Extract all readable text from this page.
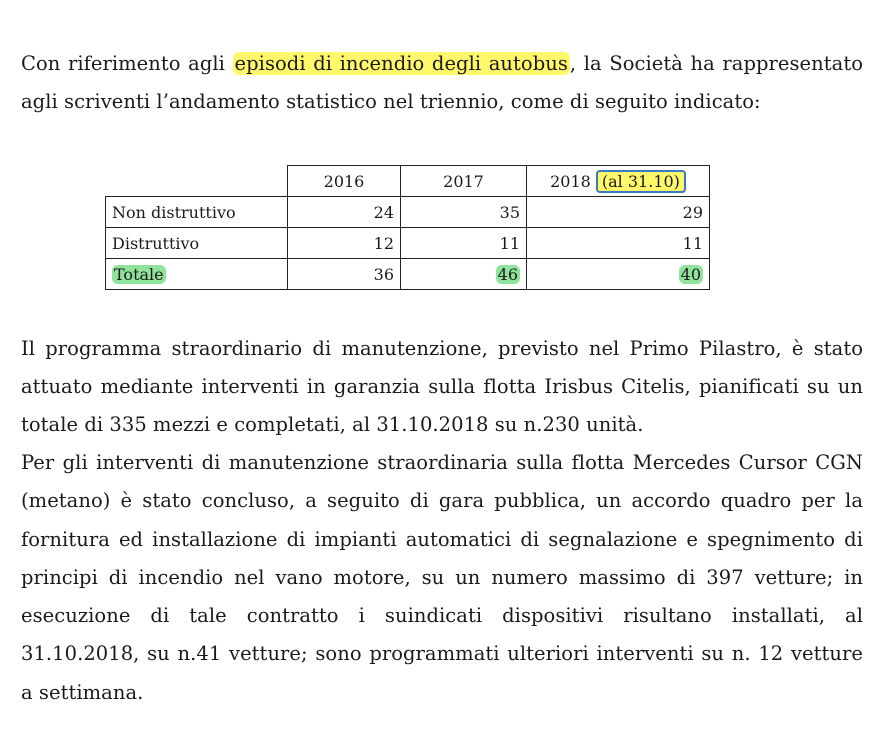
Con riferimento agli episodi di incendio degli autobus , la Società ha rappresentato agli scriventi l’andamento statistico nel triennio, come di seguito indicato:

	2016	2017	2018 (al 31.10)
Non distruttivo	24	35	29
Distruttivo	12	11	11
Totale	36	46	40

Il programma straordinario di manutenzione, previsto nel Primo Pilastro, è stato attuato mediante interventi in garanzia sulla flotta Irisbus Citelis, pianificati su un totale di 335 mezzi e completati, al 31.10.2018 su n.230 unità.

Per gli interventi di manutenzione straordinaria sulla flotta Mercedes Cursor CGN (metano) è stato concluso, a seguito di gara pubblica, un accordo quadro per la fornitura ed installazione di impianti automatici di segnalazione e spegnimento di principi di incendio nel vano motore, su un numero massimo di 397 vetture; in esecuzione di tale contratto i suindicati dispositivi risultano installati, al 31.10.2018, su n.41 vetture; sono programmati ulteriori interventi su n. 12 vetture a settimana.
